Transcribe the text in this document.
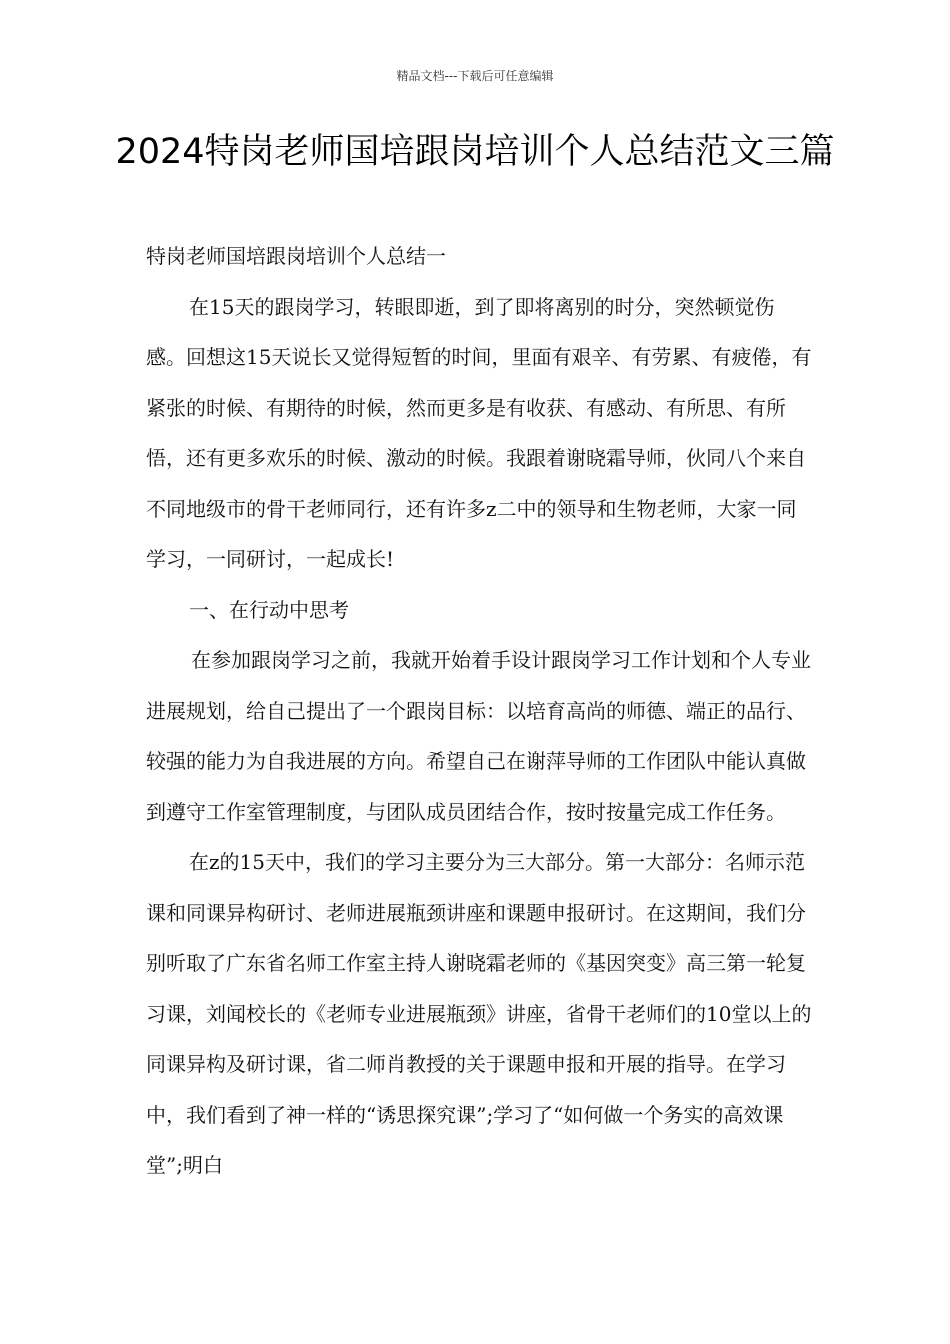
精品文档---下载后可任意编辑
2024特岗老师国培跟岗培训个人总结范文三篇

特岗老师国培跟岗培训个人总结一

在15天的跟岗学习，转眼即逝，到了即将离别的时分，突然顿觉伤感。回想这15天说长又觉得短暂的时间，里面有艰辛、有劳累、有疲倦，有紧张的时候、有期待的时候，然而更多是有收获、有感动、有所思、有所悟，还有更多欢乐的时候、激动的时候。我跟着谢晓霜导师，伙同八个来自不同地级市的骨干老师同行，还有许多z二中的领导和生物老师，大家一同学习，一同研讨，一起成长!

一、在行动中思考

在参加跟岗学习之前，我就开始着手设计跟岗学习工作计划和个人专业进展规划，给自己提出了一个跟岗目标：以培育高尚的师德、端正的品行、较强的能力为自我进展的方向。希望自己在谢萍导师的工作团队中能认真做到遵守工作室管理制度，与团队成员团结合作，按时按量完成工作任务。

在z的15天中，我们的学习主要分为三大部分。第一大部分：名师示范课和同课异构研讨、老师进展瓶颈讲座和课题申报研讨。在这期间，我们分别听取了广东省名师工作室主持人谢晓霜老师的《基因突变》高三第一轮复习课，刘闻校长的《老师专业进展瓶颈》讲座，省骨干老师们的10堂以上的同课异构及研讨课，省二师肖教授的关于课题申报和开展的指导。在学习中，我们看到了神一样的“诱思探究课”;学习了“如何做一个务实的高效课堂”;明白
